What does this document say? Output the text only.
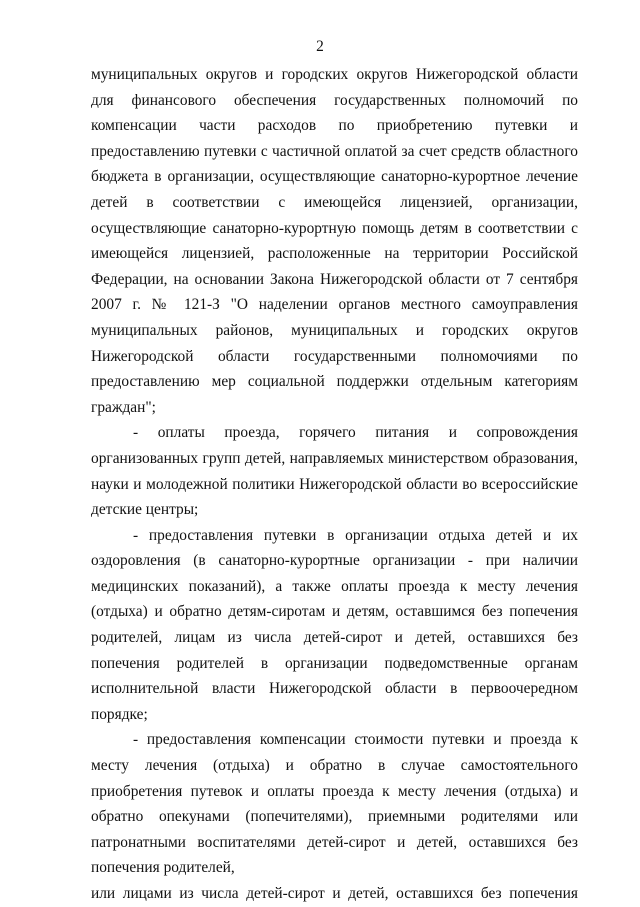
2

муниципальных округов и городских округов Нижегородской области для финансового обеспечения государственных полномочий по компенсации части расходов по приобретению путевки и предоставлению путевки с частичной оплатой за счет средств областного бюджета в организации, осуществляющие санаторно-курортное лечение детей в соответствии с имеющейся лицензией, организации, осуществляющие санаторно-курортную помощь детям в соответствии с имеющейся лицензией, расположенные на территории Российской Федерации, на основании Закона Нижегородской области от 7 сентября 2007 г. № 121-З "О наделении органов местного самоуправления муниципальных районов, муниципальных и городских округов Нижегородской области государственными полномочиями по предоставлению мер социальной поддержки отдельным категориям граждан";

- оплаты проезда, горячего питания и сопровождения организованных групп детей, направляемых министерством образования, науки и молодежной политики Нижегородской области во всероссийские детские центры;

- предоставления путевки в организации отдыха детей и их оздоровления (в санаторно-курортные организации - при наличии медицинских показаний), а также оплаты проезда к месту лечения (отдыха) и обратно детям-сиротам и детям, оставшимся без попечения родителей, лицам из числа детей-сирот и детей, оставшихся без попечения родителей в организации подведомственные органам исполнительной власти Нижегородской области в первоочередном порядке;

- предоставления компенсации стоимости путевки и проезда к месту лечения (отдыха) и обратно в случае самостоятельного приобретения путевок и оплаты проезда к месту лечения (отдыха) и обратно опекунами (попечителями), приемными родителями или патронатными воспитателями детей-сирот и детей, оставшихся без попечения родителей,

или лицами из числа детей-сирот и детей, оставшихся без попечения
